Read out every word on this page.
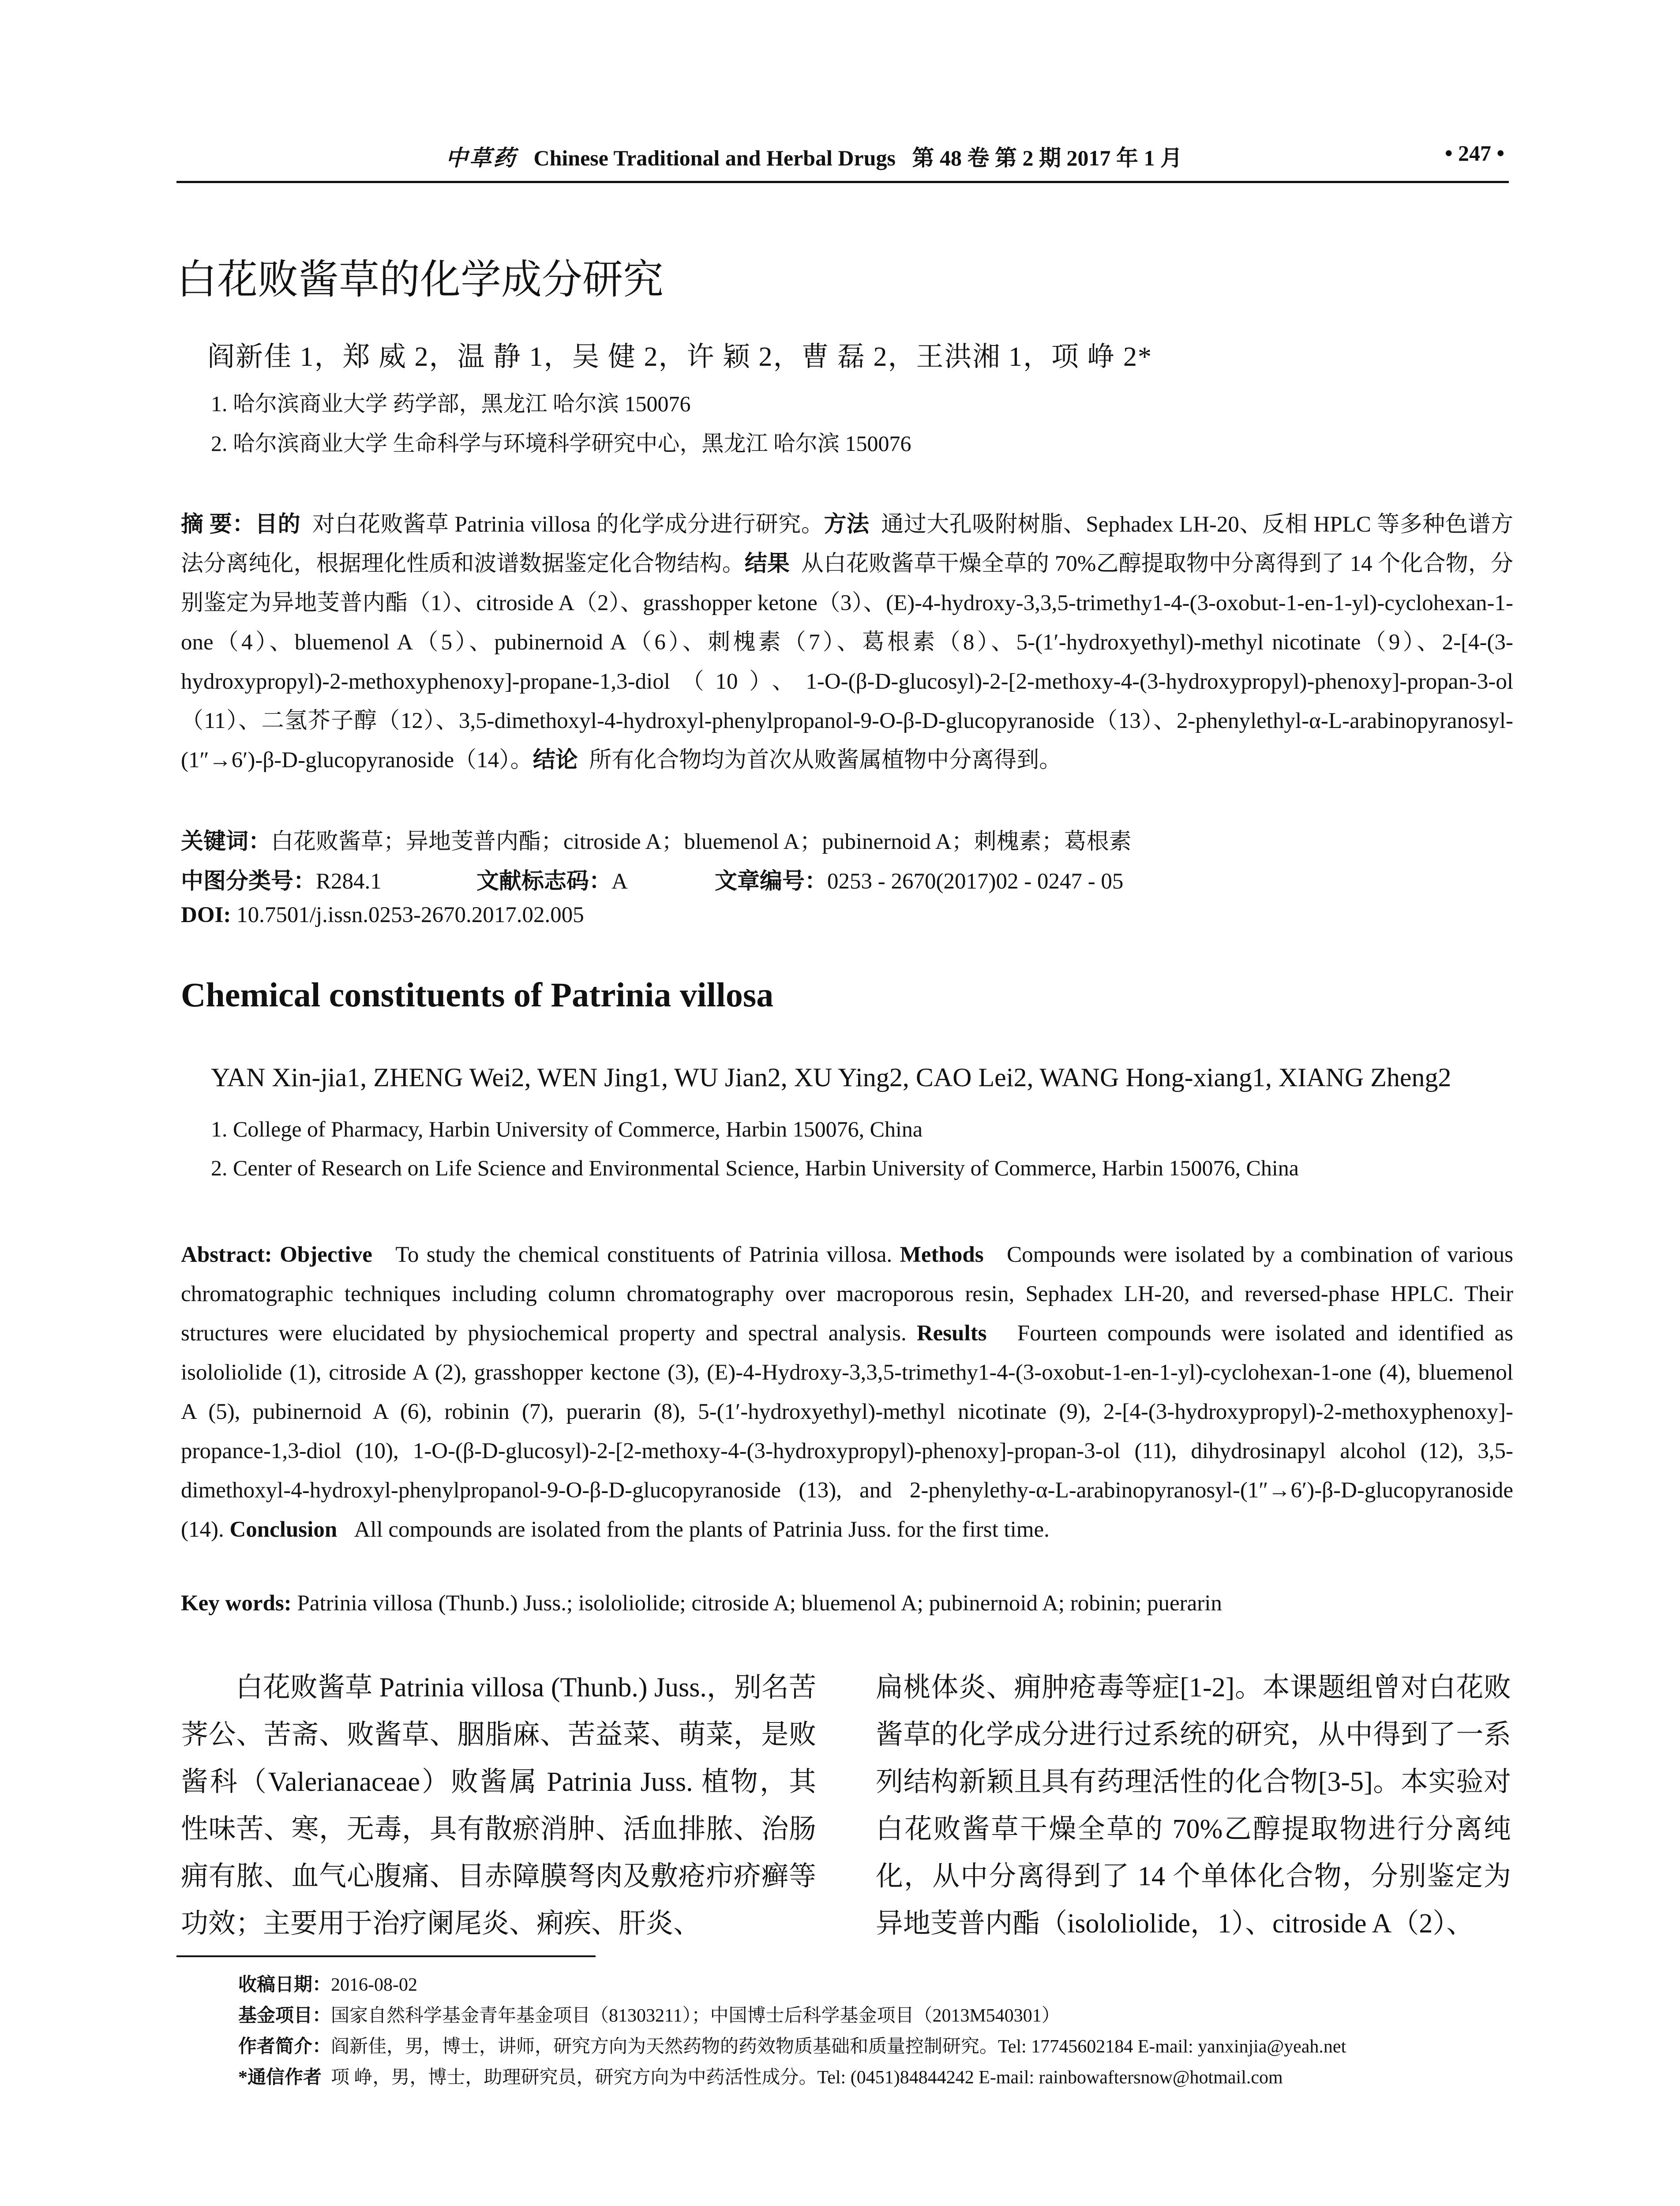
中草药 Chinese Traditional and Herbal Drugs 第 48 卷 第 2 期 2017 年 1 月	• 247 •
白花败酱草的化学成分研究
阎新佳 1，郑 威 2，温 静 1，吴 健 2，许 颖 2，曹 磊 2，王洪湘 1，项 峥 2*
1. 哈尔滨商业大学 药学部，黑龙江 哈尔滨 150076
2. 哈尔滨商业大学 生命科学与环境科学研究中心，黑龙江 哈尔滨 150076
摘 要：目的 对白花败酱草 Patrinia villosa 的化学成分进行研究。方法 通过大孔吸附树脂、Sephadex LH-20、反相 HPLC 等多种色谱方法分离纯化，根据理化性质和波谱数据鉴定化合物结构。结果 从白花败酱草干燥全草的 70%乙醇提取物中分离得到了 14 个化合物，分别鉴定为异地芰普内酯（1）、citroside A（2）、grasshopper ketone（3）、(E)-4-hydroxy-3,3,5-trimethy1-4-(3-oxobut-1-en-1-yl)-cyclohexan-1-one（4）、bluemenol A（5）、pubinernoid A（6）、刺槐素（7）、葛根素（8）、5-(1′-hydroxyethyl)-methyl nicotinate（9）、2-[4-(3-hydroxypropyl)-2-methoxyphenoxy]-propane-1,3-diol（10）、1-O-(β-D-glucosyl)-2-[2-methoxy-4-(3-hydroxypropyl)-phenoxy]-propan-3-ol（11）、二氢芥子醇（12）、3,5-dimethoxyl-4-hydroxyl-phenylpropanol-9-O-β-D-glucopyranoside（13）、2-phenylethyl-α-L-arabinopyranosyl-(1″→6′)-β-D-glucopyranoside（14）。结论 所有化合物均为首次从败酱属植物中分离得到。
关键词：白花败酱草；异地芰普内酯；citroside A；bluemenol A；pubinernoid A；刺槐素；葛根素
中图分类号：R284.1	文献标志码：A	文章编号：0253 - 2670(2017)02 - 0247 - 05
DOI: 10.7501/j.issn.0253-2670.2017.02.005
Chemical constituents of Patrinia villosa
YAN Xin-jia1, ZHENG Wei2, WEN Jing1, WU Jian2, XU Ying2, CAO Lei2, WANG Hong-xiang1, XIANG Zheng2
1. College of Pharmacy, Harbin University of Commerce, Harbin 150076, China
2. Center of Research on Life Science and Environmental Science, Harbin University of Commerce, Harbin 150076, China
Abstract: Objective To study the chemical constituents of Patrinia villosa. Methods Compounds were isolated by a combination of various chromatographic techniques including column chromatography over macroporous resin, Sephadex LH-20, and reversed-phase HPLC. Their structures were elucidated by physiochemical property and spectral analysis. Results Fourteen compounds were isolated and identified as isololiolide (1), citroside A (2), grasshopper kectone (3), (E)-4-Hydroxy-3,3,5-trimethy1-4-(3-oxobut-1-en-1-yl)-cyclohexan-1-one (4), bluemenol A (5), pubinernoid A (6), robinin (7), puerarin (8), 5-(1′-hydroxyethyl)-methyl nicotinate (9), 2-[4-(3-hydroxypropyl)-2-methoxyphenoxy]-propance-1,3-diol (10), 1-O-(β-D-glucosyl)-2-[2-methoxy-4-(3-hydroxypropyl)-phenoxy]-propan-3-ol (11), dihydrosinapyl alcohol (12), 3,5-dimethoxyl-4-hydroxyl-phenylpropanol-9-O-β-D-glucopyranoside (13), and 2-phenylethy-α-L-arabinopyranosyl-(1″→6′)-β-D-glucopyranoside (14). Conclusion All compounds are isolated from the plants of Patrinia Juss. for the first time.
Key words: Patrinia villosa (Thunb.) Juss.; isololiolide; citroside A; bluemenol A; pubinernoid A; robinin; puerarin

白花败酱草 Patrinia villosa (Thunb.) Juss.，别名苦荠公、苦斋、败酱草、胭脂麻、苦益菜、萌菜，是败酱科（Valerianaceae）败酱属 Patrinia Juss. 植物，其性味苦、寒，无毒，具有散瘀消肿、活血排脓、治肠痈有脓、血气心腹痛、目赤障膜弩肉及敷疮疖疥癣等功效；主要用于治疗阑尾炎、痢疾、肝炎、

扁桃体炎、痈肿疮毒等症[1-2]。本课题组曾对白花败酱草的化学成分进行过系统的研究，从中得到了一系列结构新颖且具有药理活性的化合物[3-5]。本实验对白花败酱草干燥全草的 70%乙醇提取物进行分离纯化，从中分离得到了 14 个单体化合物，分别鉴定为异地芰普内酯（isololiolide，1）、citroside A（2）、

收稿日期：2016-08-02
基金项目：国家自然科学基金青年基金项目（81303211）；中国博士后科学基金项目（2013M540301）
作者简介：阎新佳，男，博士，讲师，研究方向为天然药物的药效物质基础和质量控制研究。Tel: 17745602184 E-mail: yanxinjia@yeah.net
*通信作者 项 峥，男，博士，助理研究员，研究方向为中药活性成分。Tel: (0451)84844242 E-mail: rainbowaftersnow@hotmail.com
